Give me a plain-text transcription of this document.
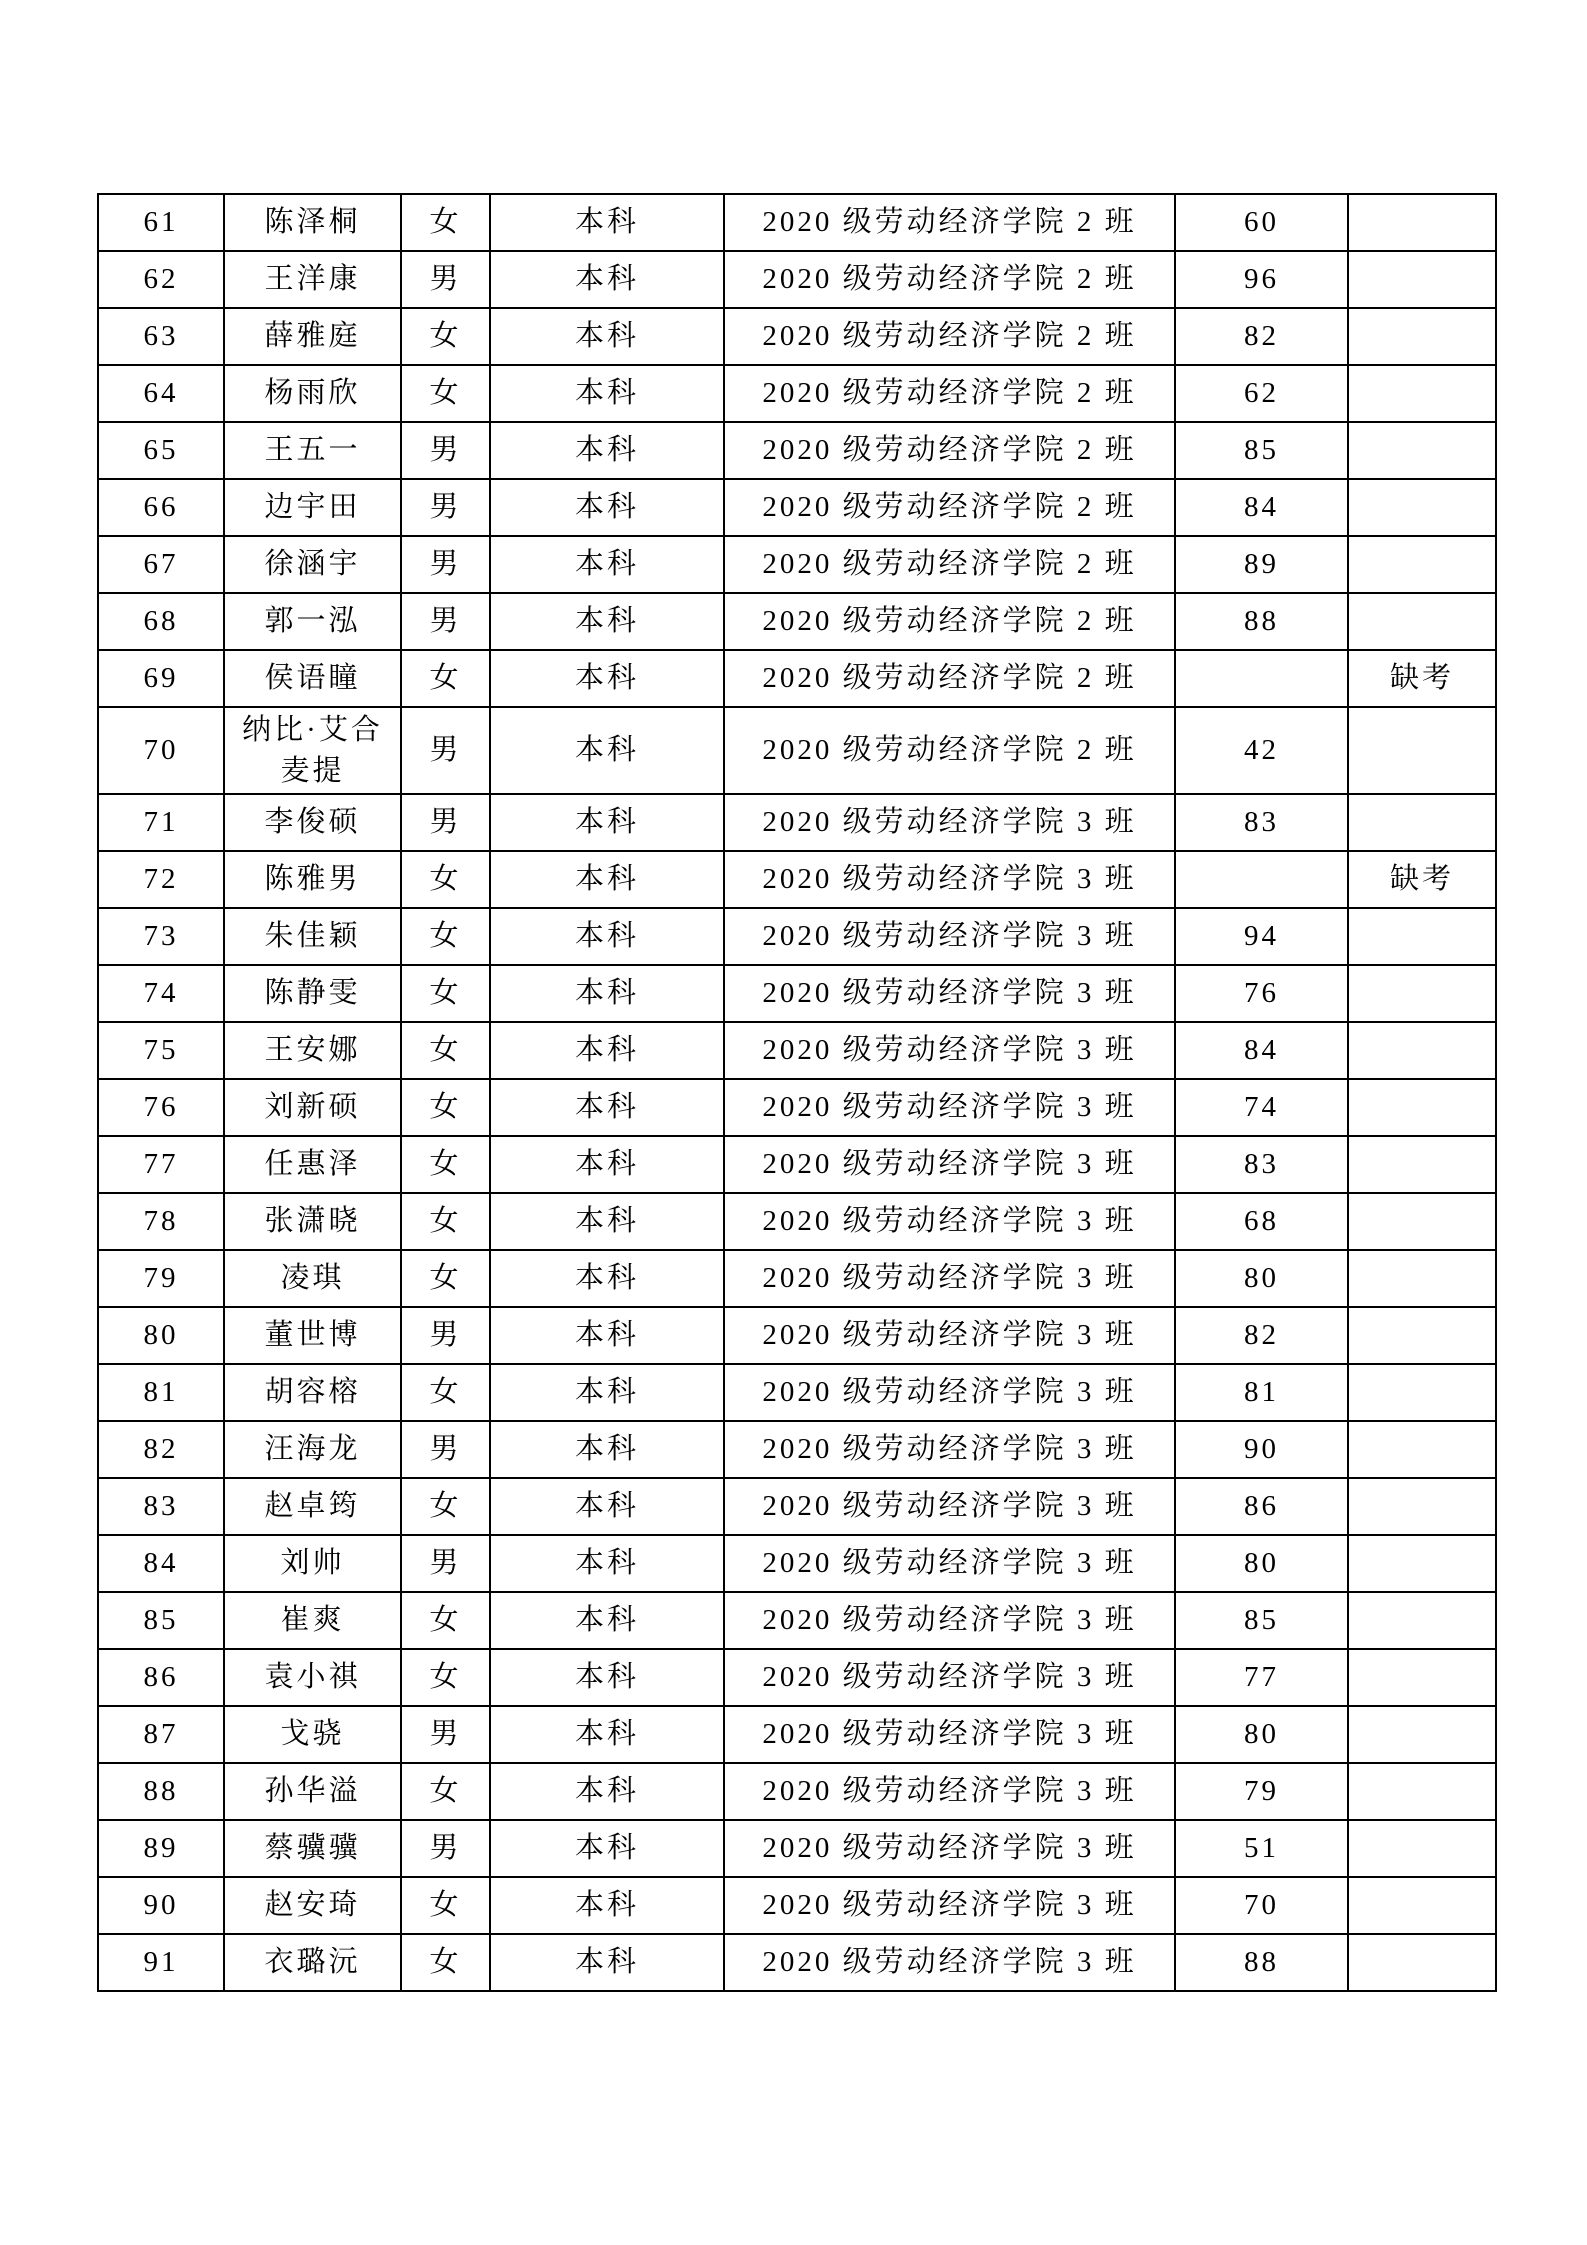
61	陈泽桐	女	本科	2020 级劳动经济学院 2 班	60	
62	王洋康	男	本科	2020 级劳动经济学院 2 班	96	
63	薛雅庭	女	本科	2020 级劳动经济学院 2 班	82	
64	杨雨欣	女	本科	2020 级劳动经济学院 2 班	62	
65	王五一	男	本科	2020 级劳动经济学院 2 班	85	
66	边宇田	男	本科	2020 级劳动经济学院 2 班	84	
67	徐涵宇	男	本科	2020 级劳动经济学院 2 班	89	
68	郭一泓	男	本科	2020 级劳动经济学院 2 班	88	
69	侯语瞳	女	本科	2020 级劳动经济学院 2 班		缺考
70	纳比·艾合麦提	男	本科	2020 级劳动经济学院 2 班	42	
71	李俊硕	男	本科	2020 级劳动经济学院 3 班	83	
72	陈雅男	女	本科	2020 级劳动经济学院 3 班		缺考
73	朱佳颖	女	本科	2020 级劳动经济学院 3 班	94	
74	陈静雯	女	本科	2020 级劳动经济学院 3 班	76	
75	王安娜	女	本科	2020 级劳动经济学院 3 班	84	
76	刘新硕	女	本科	2020 级劳动经济学院 3 班	74	
77	任惠泽	女	本科	2020 级劳动经济学院 3 班	83	
78	张潇晓	女	本科	2020 级劳动经济学院 3 班	68	
79	凌琪	女	本科	2020 级劳动经济学院 3 班	80	
80	董世博	男	本科	2020 级劳动经济学院 3 班	82	
81	胡容榕	女	本科	2020 级劳动经济学院 3 班	81	
82	汪海龙	男	本科	2020 级劳动经济学院 3 班	90	
83	赵卓筠	女	本科	2020 级劳动经济学院 3 班	86	
84	刘帅	男	本科	2020 级劳动经济学院 3 班	80	
85	崔爽	女	本科	2020 级劳动经济学院 3 班	85	
86	袁小祺	女	本科	2020 级劳动经济学院 3 班	77	
87	戈骁	男	本科	2020 级劳动经济学院 3 班	80	
88	孙华溢	女	本科	2020 级劳动经济学院 3 班	79	
89	蔡骥骥	男	本科	2020 级劳动经济学院 3 班	51	
90	赵安琦	女	本科	2020 级劳动经济学院 3 班	70	
91	衣璐沅	女	本科	2020 级劳动经济学院 3 班	88	
